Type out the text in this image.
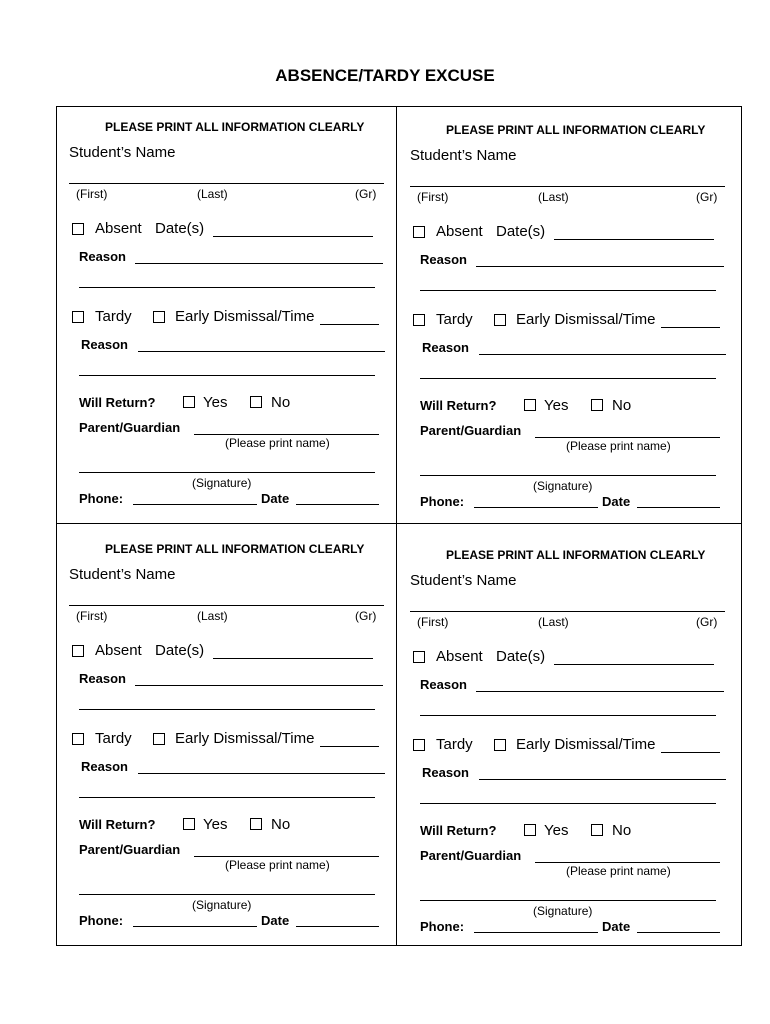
ABSENCE/TARDY EXCUSE
PLEASE PRINT ALL INFORMATION CLEARLY
Student’s Name
(First)	(Last)	(Gr)
Absent Date(s)
Reason
Tardy	Early Dismissal/Time
Reason
Will Return?	Yes	No
Parent/Guardian
(Please print name)
(Signature)
Phone:	Date
PLEASE PRINT ALL INFORMATION CLEARLY
Student’s Name
(First)	(Last)	(Gr)
Absent Date(s)
Reason
Tardy	Early Dismissal/Time
Reason
Will Return?	Yes	No
Parent/Guardian
(Please print name)
(Signature)
Phone:	Date
PLEASE PRINT ALL INFORMATION CLEARLY
Student’s Name
(First)	(Last)	(Gr)
Absent Date(s)
Reason
Tardy	Early Dismissal/Time
Reason
Will Return?	Yes	No
Parent/Guardian
(Please print name)
(Signature)
Phone:	Date
PLEASE PRINT ALL INFORMATION CLEARLY
Student’s Name
(First)	(Last)	(Gr)
Absent Date(s)
Reason
Tardy	Early Dismissal/Time
Reason
Will Return?	Yes	No
Parent/Guardian
(Please print name)
(Signature)
Phone:	Date
